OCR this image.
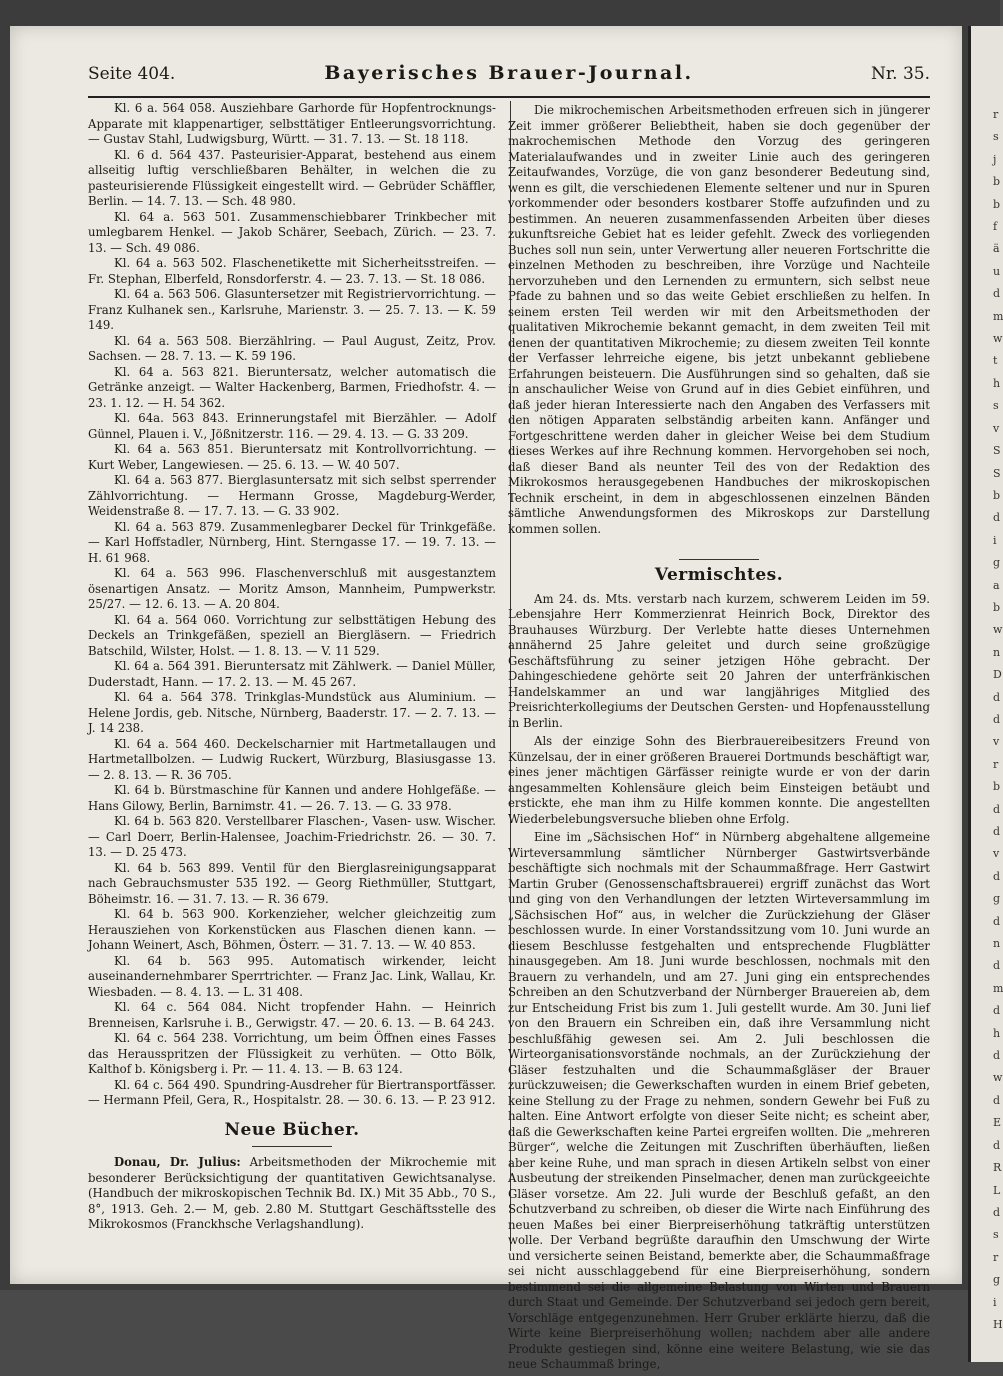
r
s
j
b
b
f
ä
u
d
m
w
t
h
s
v
S
S
b
d
i
g
a
b
w
n
D
d
d
v
r
b
d
d
v
d
g
d
n
d
m
d
h
d
w
d
E
d
R
L
d
s
r
g
i
H
Seite 404.	Bayerisches Brauer-Journal.	Nr. 35.

Kl. 6 a. 564 058. Ausziehbare Garhorde für Hopfentrocknungs-Apparate mit klappenartiger, selbsttätiger Entleerungsvorrichtung. — Gustav Stahl, Ludwigsburg, Württ. — 31. 7. 13. — St. 18 118.

Kl. 6 d. 564 437. Pasteurisier-Apparat, bestehend aus einem allseitig luftig verschließbaren Behälter, in welchen die zu pasteurisierende Flüssigkeit eingestellt wird. — Gebrüder Schäffler, Berlin. — 14. 7. 13. — Sch. 48 980.

Kl. 64 a. 563 501. Zusammenschiebbarer Trinkbecher mit umlegbarem Henkel. — Jakob Schärer, Seebach, Zürich. — 23. 7. 13. — Sch. 49 086.

Kl. 64 a. 563 502. Flaschenetikette mit Sicherheitsstreifen. — Fr. Stephan, Elberfeld, Ronsdorferstr. 4. — 23. 7. 13. — St. 18 086.

Kl. 64 a. 563 506. Glasuntersetzer mit Registriervorrichtung. — Franz Kulhanek sen., Karlsruhe, Marienstr. 3. — 25. 7. 13. — K. 59 149.

Kl. 64 a. 563 508. Bierzählring. — Paul August, Zeitz, Prov. Sachsen. — 28. 7. 13. — K. 59 196.

Kl. 64 a. 563 821. Bieruntersatz, welcher automatisch die Getränke anzeigt. — Walter Hackenberg, Barmen, Friedhofstr. 4. — 23. 1. 12. — H. 54 362.

Kl. 64a. 563 843. Erinnerungstafel mit Bierzähler. — Adolf Günnel, Plauen i. V., Jößnitzerstr. 116. — 29. 4. 13. — G. 33 209.

Kl. 64 a. 563 851. Bieruntersatz mit Kontrollvorrichtung. — Kurt Weber, Langewiesen. — 25. 6. 13. — W. 40 507.

Kl. 64 a. 563 877. Bierglasuntersatz mit sich selbst sperrender Zählvorrichtung. — Hermann Grosse, Magdeburg-Werder, Weidenstraße 8. — 17. 7. 13. — G. 33 902.

Kl. 64 a. 563 879. Zusammenlegbarer Deckel für Trinkgefäße. — Karl Hoffstadler, Nürnberg, Hint. Sterngasse 17. — 19. 7. 13. — H. 61 968.

Kl. 64 a. 563 996. Flaschenverschluß mit ausgestanztem ösenartigen Ansatz. — Moritz Amson, Mannheim, Pumpwerkstr. 25/27. — 12. 6. 13. — A. 20 804.

Kl. 64 a. 564 060. Vorrichtung zur selbsttätigen Hebung des Deckels an Trinkgefäßen, speziell an Biergläsern. — Friedrich Batschild, Wilster, Holst. — 1. 8. 13. — V. 11 529.

Kl. 64 a. 564 391. Bieruntersatz mit Zählwerk. — Daniel Müller, Duderstadt, Hann. — 17. 2. 13. — M. 45 267.

Kl. 64 a. 564 378. Trinkglas-Mundstück aus Aluminium. — Helene Jordis, geb. Nitsche, Nürnberg, Baaderstr. 17. — 2. 7. 13. — J. 14 238.

Kl. 64 a. 564 460. Deckelscharnier mit Hartmetallaugen und Hartmetallbolzen. — Ludwig Ruckert, Würzburg, Blasiusgasse 13. — 2. 8. 13. — R. 36 705.

Kl. 64 b. Bürstmaschine für Kannen und andere Hohlgefäße. — Hans Gilowy, Berlin, Barnimstr. 41. — 26. 7. 13. — G. 33 978.

Kl. 64 b. 563 820. Verstellbarer Flaschen-, Vasen- usw. Wischer. — Carl Doerr, Berlin-Halensee, Joachim-Friedrichstr. 26. — 30. 7. 13. — D. 25 473.

Kl. 64 b. 563 899. Ventil für den Bierglasreinigungsapparat nach Gebrauchsmuster 535 192. — Georg Riethmüller, Stuttgart, Böheimstr. 16. — 31. 7. 13. — R. 36 679.

Kl. 64 b. 563 900. Korkenzieher, welcher gleichzeitig zum Herausziehen von Korkenstücken aus Flaschen dienen kann. — Johann Weinert, Asch, Böhmen, Österr. — 31. 7. 13. — W. 40 853.

Kl. 64 b. 563 995. Automatisch wirkender, leicht auseinandernehmbarer Sperrtrichter. — Franz Jac. Link, Wallau, Kr. Wiesbaden. — 8. 4. 13. — L. 31 408.

Kl. 64 c. 564 084. Nicht tropfender Hahn. — Heinrich Brenneisen, Karlsruhe i. B., Gerwigstr. 47. — 20. 6. 13. — B. 64 243.

Kl. 64 c. 564 238. Vorrichtung, um beim Öffnen eines Fasses das Herausspritzen der Flüssigkeit zu verhüten. — Otto Bölk, Kalthof b. Königsberg i. Pr. — 11. 4. 13. — B. 63 124.

Kl. 64 c. 564 490. Spundring-Ausdreher für Biertransportfässer. — Hermann Pfeil, Gera, R., Hospitalstr. 28. — 30. 6. 13. — P. 23 912.

Neue Bücher.

Donau, Dr. Julius: Arbeitsmethoden der Mikrochemie mit besonderer Berücksichtigung der quantitativen Gewichtsanalyse. (Handbuch der mikroskopischen Technik Bd. IX.) Mit 35 Abb., 70 S., 8°, 1913. Geh. 2.— M, geb. 2.80 M. Stuttgart Geschäftsstelle des Mikrokosmos (Franckhsche Verlagshandlung).

Die mikrochemischen Arbeitsmethoden erfreuen sich in jüngerer Zeit immer größerer Beliebtheit, haben sie doch gegenüber der makrochemischen Methode den Vorzug des geringeren Materialaufwandes und in zweiter Linie auch des geringeren Zeitaufwandes, Vorzüge, die von ganz besonderer Bedeutung sind, wenn es gilt, die verschiedenen Elemente seltener und nur in Spuren vorkommender oder besonders kostbarer Stoffe aufzufinden und zu bestimmen. An neueren zusammenfassenden Arbeiten über dieses zukunftsreiche Gebiet hat es leider gefehlt. Zweck des vorliegenden Buches soll nun sein, unter Verwertung aller neueren Fortschritte die einzelnen Methoden zu beschreiben, ihre Vorzüge und Nachteile hervorzuheben und den Lernenden zu ermuntern, sich selbst neue Pfade zu bahnen und so das weite Gebiet erschließen zu helfen. In seinem ersten Teil werden wir mit den Arbeitsmethoden der qualitativen Mikrochemie bekannt gemacht, in dem zweiten Teil mit denen der quantitativen Mikrochemie; zu diesem zweiten Teil konnte der Verfasser lehrreiche eigene, bis jetzt unbekannt gebliebene Erfahrungen beisteuern. Die Ausführungen sind so gehalten, daß sie in anschaulicher Weise von Grund auf in dies Gebiet einführen, und daß jeder hieran Interessierte nach den Angaben des Verfassers mit den nötigen Apparaten selbständig arbeiten kann. Anfänger und Fortgeschrittene werden daher in gleicher Weise bei dem Studium dieses Werkes auf ihre Rechnung kommen. Hervorgehoben sei noch, daß dieser Band als neunter Teil des von der Redaktion des Mikrokosmos herausgegebenen Handbuches der mikroskopischen Technik erscheint, in dem in abgeschlossenen einzelnen Bänden sämtliche Anwendungsformen des Mikroskops zur Darstellung kommen sollen.

Vermischtes.

Am 24. ds. Mts. verstarb nach kurzem, schwerem Leiden im 59. Lebensjahre Herr Kommerzienrat Heinrich Bock, Direktor des Brauhauses Würzburg. Der Verlebte hatte dieses Unternehmen annähernd 25 Jahre geleitet und durch seine großzügige Geschäftsführung zu seiner jetzigen Höhe gebracht. Der Dahingeschiedene gehörte seit 20 Jahren der unterfränkischen Handelskammer an und war langjähriges Mitglied des Preisrichterkollegiums der Deutschen Gersten- und Hopfenausstellung in Berlin.

Als der einzige Sohn des Bierbrauereibesitzers Freund von Künzelsau, der in einer größeren Brauerei Dortmunds beschäftigt war, eines jener mächtigen Gärfässer reinigte wurde er von der darin angesammelten Kohlensäure gleich beim Einsteigen betäubt und erstickte, ehe man ihm zu Hilfe kommen konnte. Die angestellten Wiederbelebungsversuche blieben ohne Erfolg.

Eine im „Sächsischen Hof“ in Nürnberg abgehaltene allgemeine Wirteversammlung sämtlicher Nürnberger Gastwirtsverbände beschäftigte sich nochmals mit der Schaummaßfrage. Herr Gastwirt Martin Gruber (Genossenschaftsbrauerei) ergriff zunächst das Wort und ging von den Verhandlungen der letzten Wirteversammlung im „Sächsischen Hof“ aus, in welcher die Zurückziehung der Gläser beschlossen wurde. In einer Vorstandssitzung vom 10. Juni wurde an diesem Beschlusse festgehalten und entsprechende Flugblätter hinausgegeben. Am 18. Juni wurde beschlossen, nochmals mit den Brauern zu verhandeln, und am 27. Juni ging ein entsprechendes Schreiben an den Schutzverband der Nürnberger Brauereien ab, dem zur Entscheidung Frist bis zum 1. Juli gestellt wurde. Am 30. Juni lief von den Brauern ein Schreiben ein, daß ihre Versammlung nicht beschlußfähig gewesen sei. Am 2. Juli beschlossen die Wirteorganisationsvorstände nochmals, an der Zurückziehung der Gläser festzuhalten und die Schaummaßgläser der Brauer zurückzuweisen; die Gewerkschaften wurden in einem Brief gebeten, keine Stellung zu der Frage zu nehmen, sondern Gewehr bei Fuß zu halten. Eine Antwort erfolgte von dieser Seite nicht; es scheint aber, daß die Gewerkschaften keine Partei ergreifen wollten. Die „mehreren Bürger“, welche die Zeitungen mit Zuschriften überhäuften, ließen aber keine Ruhe, und man sprach in diesen Artikeln selbst von einer Ausbeutung der streikenden Pinselmacher, denen man zurückgeeichte Gläser vorsetze. Am 22. Juli wurde der Beschluß gefaßt, an den Schutzverband zu schreiben, ob dieser die Wirte nach Einführung des neuen Maßes bei einer Bierpreiserhöhung tatkräftig unterstützen wolle. Der Verband begrüßte daraufhin den Umschwung der Wirte und versicherte seinen Beistand, bemerkte aber, die Schaummaßfrage sei nicht ausschlaggebend für eine Bierpreiserhöhung, sondern bestimmend sei die allgemeine Belastung von Wirten und Brauern durch Staat und Gemeinde. Der Schutzverband sei jedoch gern bereit, Vorschläge entgegenzunehmen. Herr Gruber erklärte hierzu, daß die Wirte keine Bierpreiserhöhung wollen; nachdem aber alle andere Produkte gestiegen sind, könne eine weitere Belastung, wie sie das neue Schaummaß bringe,
